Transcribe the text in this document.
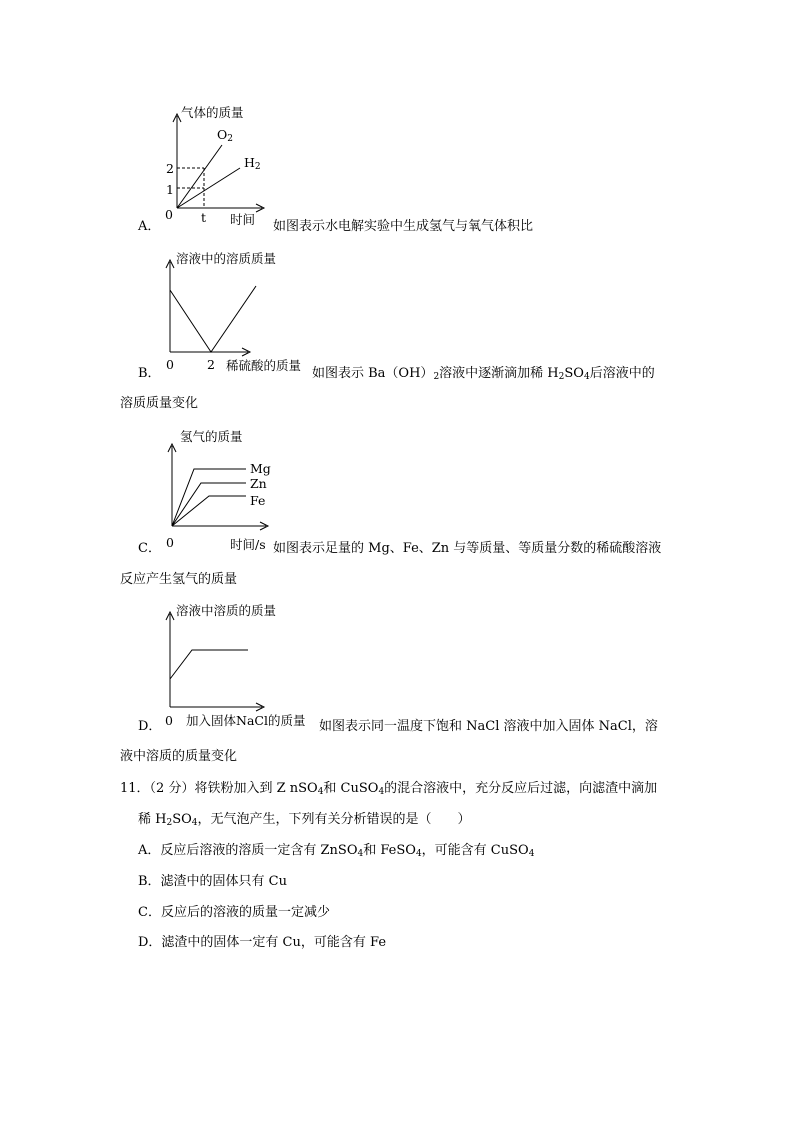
气体的质量
$O_2$
$H_2$
2
1
0 t 时间
A．	如图表示水电解实验中生成氢气与氧气体积比
溶液中的溶质质量
0	2 稀硫酸的质量
B．	如图表示 $Ba(OH)_2$溶液中逐渐滴加稀 $H_2SO_4$后溶液中的
溶质质量变化
氢气的质量
Mg
Zn
Fe
0	时间/s
C．	如图表示足量的 Mg、Fe、Zn 与等质量、等质量分数的稀硫酸溶液
反应产生氢气的质量
溶液中溶质的质量
0 加入固体NaCl的质量
D．	如图表示同一温度下饱和 NaCl 溶液中加入固体 NaCl，溶
液中溶质的质量变化
11．（2 分）将铁粉加入到 Z nSO$_4$和 CuSO$_4$的混合溶液中，充分反应后过滤，向滤渣中滴加
稀 $H_2SO_4$，无气泡产生，下列有关分析错误的是（　　）
A．反应后溶液的溶质一定含有 ZnSO$_4$和 FeSO$_4$，可能含有 CuSO$_4$
B．滤渣中的固体只有 Cu
C．反应后的溶液的质量一定减少
D．滤渣中的固体一定有 Cu，可能含有 Fe
